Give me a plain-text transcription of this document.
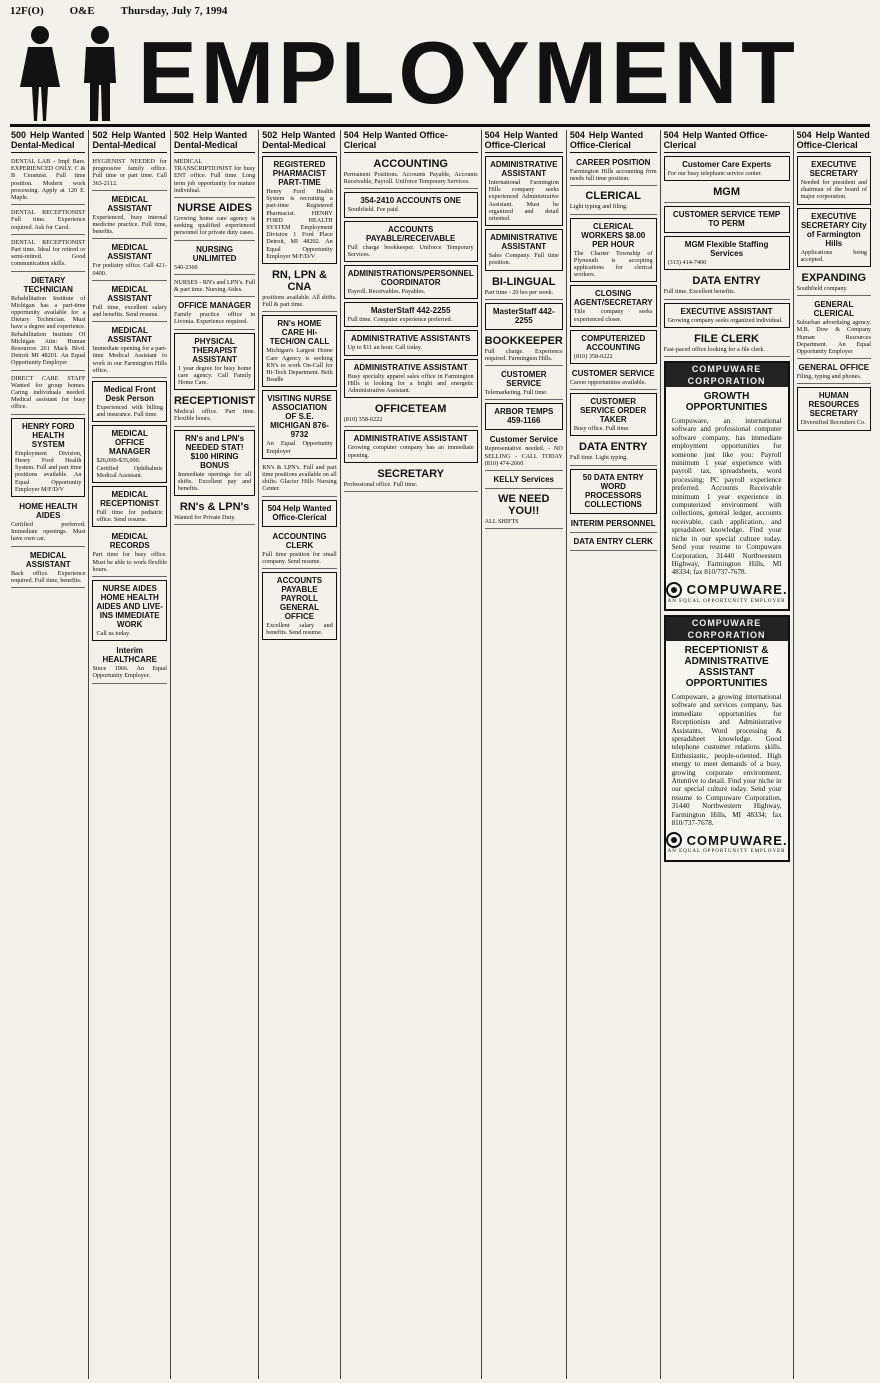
12F(O) O&E Thursday, July 7, 1994
EMPLOYMENT
500 Help Wanted Dental-Medical
DENTAL LAB - Impl Bars. EXPERIENCED ONLY. C & B Ceramist. Full time position. Modern work processing. Apply at 120 E. Maple.
DENTAL RECEPTIONIST Full time. Experience required. Ask for Carol.
DENTAL RECEPTIONIST Part time. Ideal for retired or semi-retired. Good communication skills.
DIETARY TECHNICIAN
Rehabilitation Institute of Michigan has a part-time opportunity available for a Dietary Technician. Must have a degree and experience. Rehabilitation Institute Of Michigan Attn: Human Resources 261 Mack Blvd. Detroit MI 48201. An Equal Opportunity Employer
DIRECT CARE STAFF Wanted for group homes. Caring individuals needed. Medical assistant for busy office.
HENRY FORD HEALTH SYSTEM
Employment Division, Henry Ford Health System. Full and part time positions available. An Equal Opportunity Employer M/F/D/V
HOME HEALTH AIDES
Certified preferred. Immediate openings. Must have own car.
MEDICAL ASSISTANT
Back office. Experience required. Full time, benefits.
502 Help Wanted Dental-Medical
HYGIENIST NEEDED for progressive family office. Full time or part time. Call 363-2112.
MEDICAL ASSISTANT
Experienced, busy internal medicine practice. Full time, benefits.
MEDICAL ASSISTANT
For podiatry office. Call 421-0400.
MEDICAL ASSISTANT
Full time, excellent salary and benefits. Send resume.
MEDICAL ASSISTANT
Immediate opening for a part-time Medical Assistant to work in our Farmington Hills office.
Medical Front Desk Person
Experienced with billing and insurance. Full time.
MEDICAL OFFICE MANAGER
$26,000-$35,000. Certified Ophthalmic Medical Assistant.
MEDICAL RECEPTIONIST
Full time for pediatric office. Send resume.
MEDICAL RECORDS
Part time for busy office. Must be able to work flexible hours.
NURSE AIDES HOME HEALTH AIDES AND LIVE-INS IMMEDIATE WORK
Call us today.
Interim HEALTHCARE
Since 1966. An Equal Opportunity Employer.
502 Help Wanted Dental-Medical
MEDICAL TRANSCRIPTIONIST for busy ENT office. Full time. Long term job opportunity for mature individual.
NURSE AIDES
Growing home care agency is seeking qualified experienced personnel for private duty cases.
NURSING UNLIMITED
540-2360
NURSES - RN's and LPN's. Full & part time. Nursing Aides.
OFFICE MANAGER
Family practice office in Livonia. Experience required.
PHYSICAL THERAPIST ASSISTANT
1 year degree for busy home care agency. Call Family Home Care.
RECEPTIONIST
Medical office. Part time. Flexible hours.
RN's and LPN's NEEDED STAT! $100 HIRING BONUS
Immediate openings for all shifts. Excellent pay and benefits.
RN's & LPN's
Wanted for Private Duty.
502 Help Wanted Dental-Medical
REGISTERED PHARMACIST PART-TIME
Henry Ford Health System is recruiting a part-time Registered Pharmacist. HENRY FORD HEALTH SYSTEM Employment Division 1 Ford Place Detroit, MI 48202. An Equal Opportunity Employer M/F/D/V
RN, LPN & CNA
positions available. All shifts. Full & part time.
RN's HOME CARE HI-TECH/ON CALL
Michigan's Largest Home Care Agency is seeking RN's to work On-Call for Hi-Tech Department. Beth Beadle
VISITING NURSE ASSOCIATION OF S.E. MICHIGAN 876-9732
An Equal Opportunity Employer
RN's & LPN's. Full and part time positions available on all shifts. Glacier Hills Nursing Center.
504 Help Wanted Office-Clerical
ACCOUNTING CLERK
Full time position for small company. Send resume.
ACCOUNTS PAYABLE PAYROLL GENERAL OFFICE
Excellent salary and benefits. Send resume.
504 Help Wanted Office-Clerical
ACCOUNTING
Permanent Positions. Accounts Payable, Accounts Receivable, Payroll. Uniforce Temporary Services.
354-2410 ACCOUNTS ONE
Southfield. Fee paid.
ACCOUNTS PAYABLE/RECEIVABLE
Full charge bookkeeper. Uniforce Temporary Services.
ADMINISTRATIONS/PERSONNEL COORDINATOR
Payroll. Receivables. Payables.
MasterStaff 442-2255
Full time. Computer experience preferred.
ADMINISTRATIVE ASSISTANTS
Up to $11 an hour. Call today.
ADMINISTRATIVE ASSISTANT
Busy specialty apparel sales office in Farmington Hills is looking for a bright and energetic Administrative Assistant.
OFFICETEAM
(810) 358-0222
ADMINISTRATIVE ASSISTANT
Growing computer company has an immediate opening.
SECRETARY
Professional office. Full time.
504 Help Wanted Office-Clerical
ADMINISTRATIVE ASSISTANT
International Farmington Hills company seeks experienced Administrative Assistant. Must be organized and detail oriented.
ADMINISTRATIVE ASSISTANT
Sales Company. Full time position.
BI-LINGUAL
Part time - 20 hrs per week.
MasterStaff 442-2255
BOOKKEEPER
Full charge. Experience required. Farmington Hills.
CUSTOMER SERVICE
Telemarketing. Full time.
ARBOR TEMPS 459-1166
Customer Service
Representative needed. - NO SELLING - CALL TODAY (810) 474-2660
KELLY Services
WE NEED YOU!!
ALL SHIFTS
504 Help Wanted Office-Clerical
CAREER POSITION
Farmington Hills accounting firm needs full time position.
CLERICAL
Light typing and filing.
CLERICAL WORKERS $8.00 PER HOUR
The Charter Township of Plymouth is accepting applications for clerical workers.
CLOSING AGENT/SECRETARY
Title company seeks experienced closer.
COMPUTERIZED ACCOUNTING
(810) 358-0222
CUSTOMER SERVICE
Career opportunities available.
CUSTOMER SERVICE ORDER TAKER
Busy office. Full time.
DATA ENTRY
Full time. Light typing.
50 DATA ENTRY WORD PROCESSORS COLLECTIONS
INTERIM PERSONNEL
DATA ENTRY CLERK
504 Help Wanted Office-Clerical
Customer Care Experts
For our busy telephone service center.
MGM
CUSTOMER SERVICE TEMP TO PERM
MGM Flexible Staffing Services
(313) 414-7400
DATA ENTRY
Full time. Excellent benefits.
EXECUTIVE ASSISTANT
Growing company seeks organized individual.
FILE CLERK
Fast-paced office looking for a file clerk.
COMPUWARE CORPORATION
GROWTH OPPORTUNITIES
Compuware, an international software and professional computer software company, has immediate employment opportunities for someone just like you: Payroll minimum 1 year experience with payroll tax, spreadsheets, word processing; PC payroll experience preferred. Accounts Receivable minimum 1 year experience in computerized environment with collections, general ledger, accounts receivable, cash application, and spreadsheet knowledge. Find your niche in our special culture today. Send your resume to Compuware Corporation, 31440 Northwestern Highway, Farmington Hills, MI 48334; fax 810/737-7678.
COMPUWARE.
AN EQUAL OPPORTUNITY EMPLOYER
COMPUWARE CORPORATION
RECEPTIONIST & ADMINISTRATIVE ASSISTANT OPPORTUNITIES
Compuware, a growing international software and services company, has immediate opportunities for Receptionists and Administrative Assistants. Word processing & spreadsheet knowledge. Good telephone customer relations skills. Enthusiastic, people-oriented. High energy to meet demands of a busy, growing corporate environment. Attentive to detail. Find your niche in our special culture today. Send your resume to Compuware Corporation, 31440 Northwestern Highway, Farmington Hills, MI 48334; fax 810/737-7678.
COMPUWARE.
AN EQUAL OPPORTUNITY EMPLOYER
504 Help Wanted Office-Clerical
EXECUTIVE SECRETARY
Needed for president and chairman of the board of major corporation.
EXECUTIVE SECRETARY City of Farmington Hills
Applications being accepted.
EXPANDING
Southfield company.
GENERAL CLERICAL
Suburban advertising agency. M.B. Dow & Company Human Resources Department. An Equal Opportunity Employer
GENERAL OFFICE
Filing, typing and phones.
HUMAN RESOURCES SECRETARY
Diversified Recruiters Co.
